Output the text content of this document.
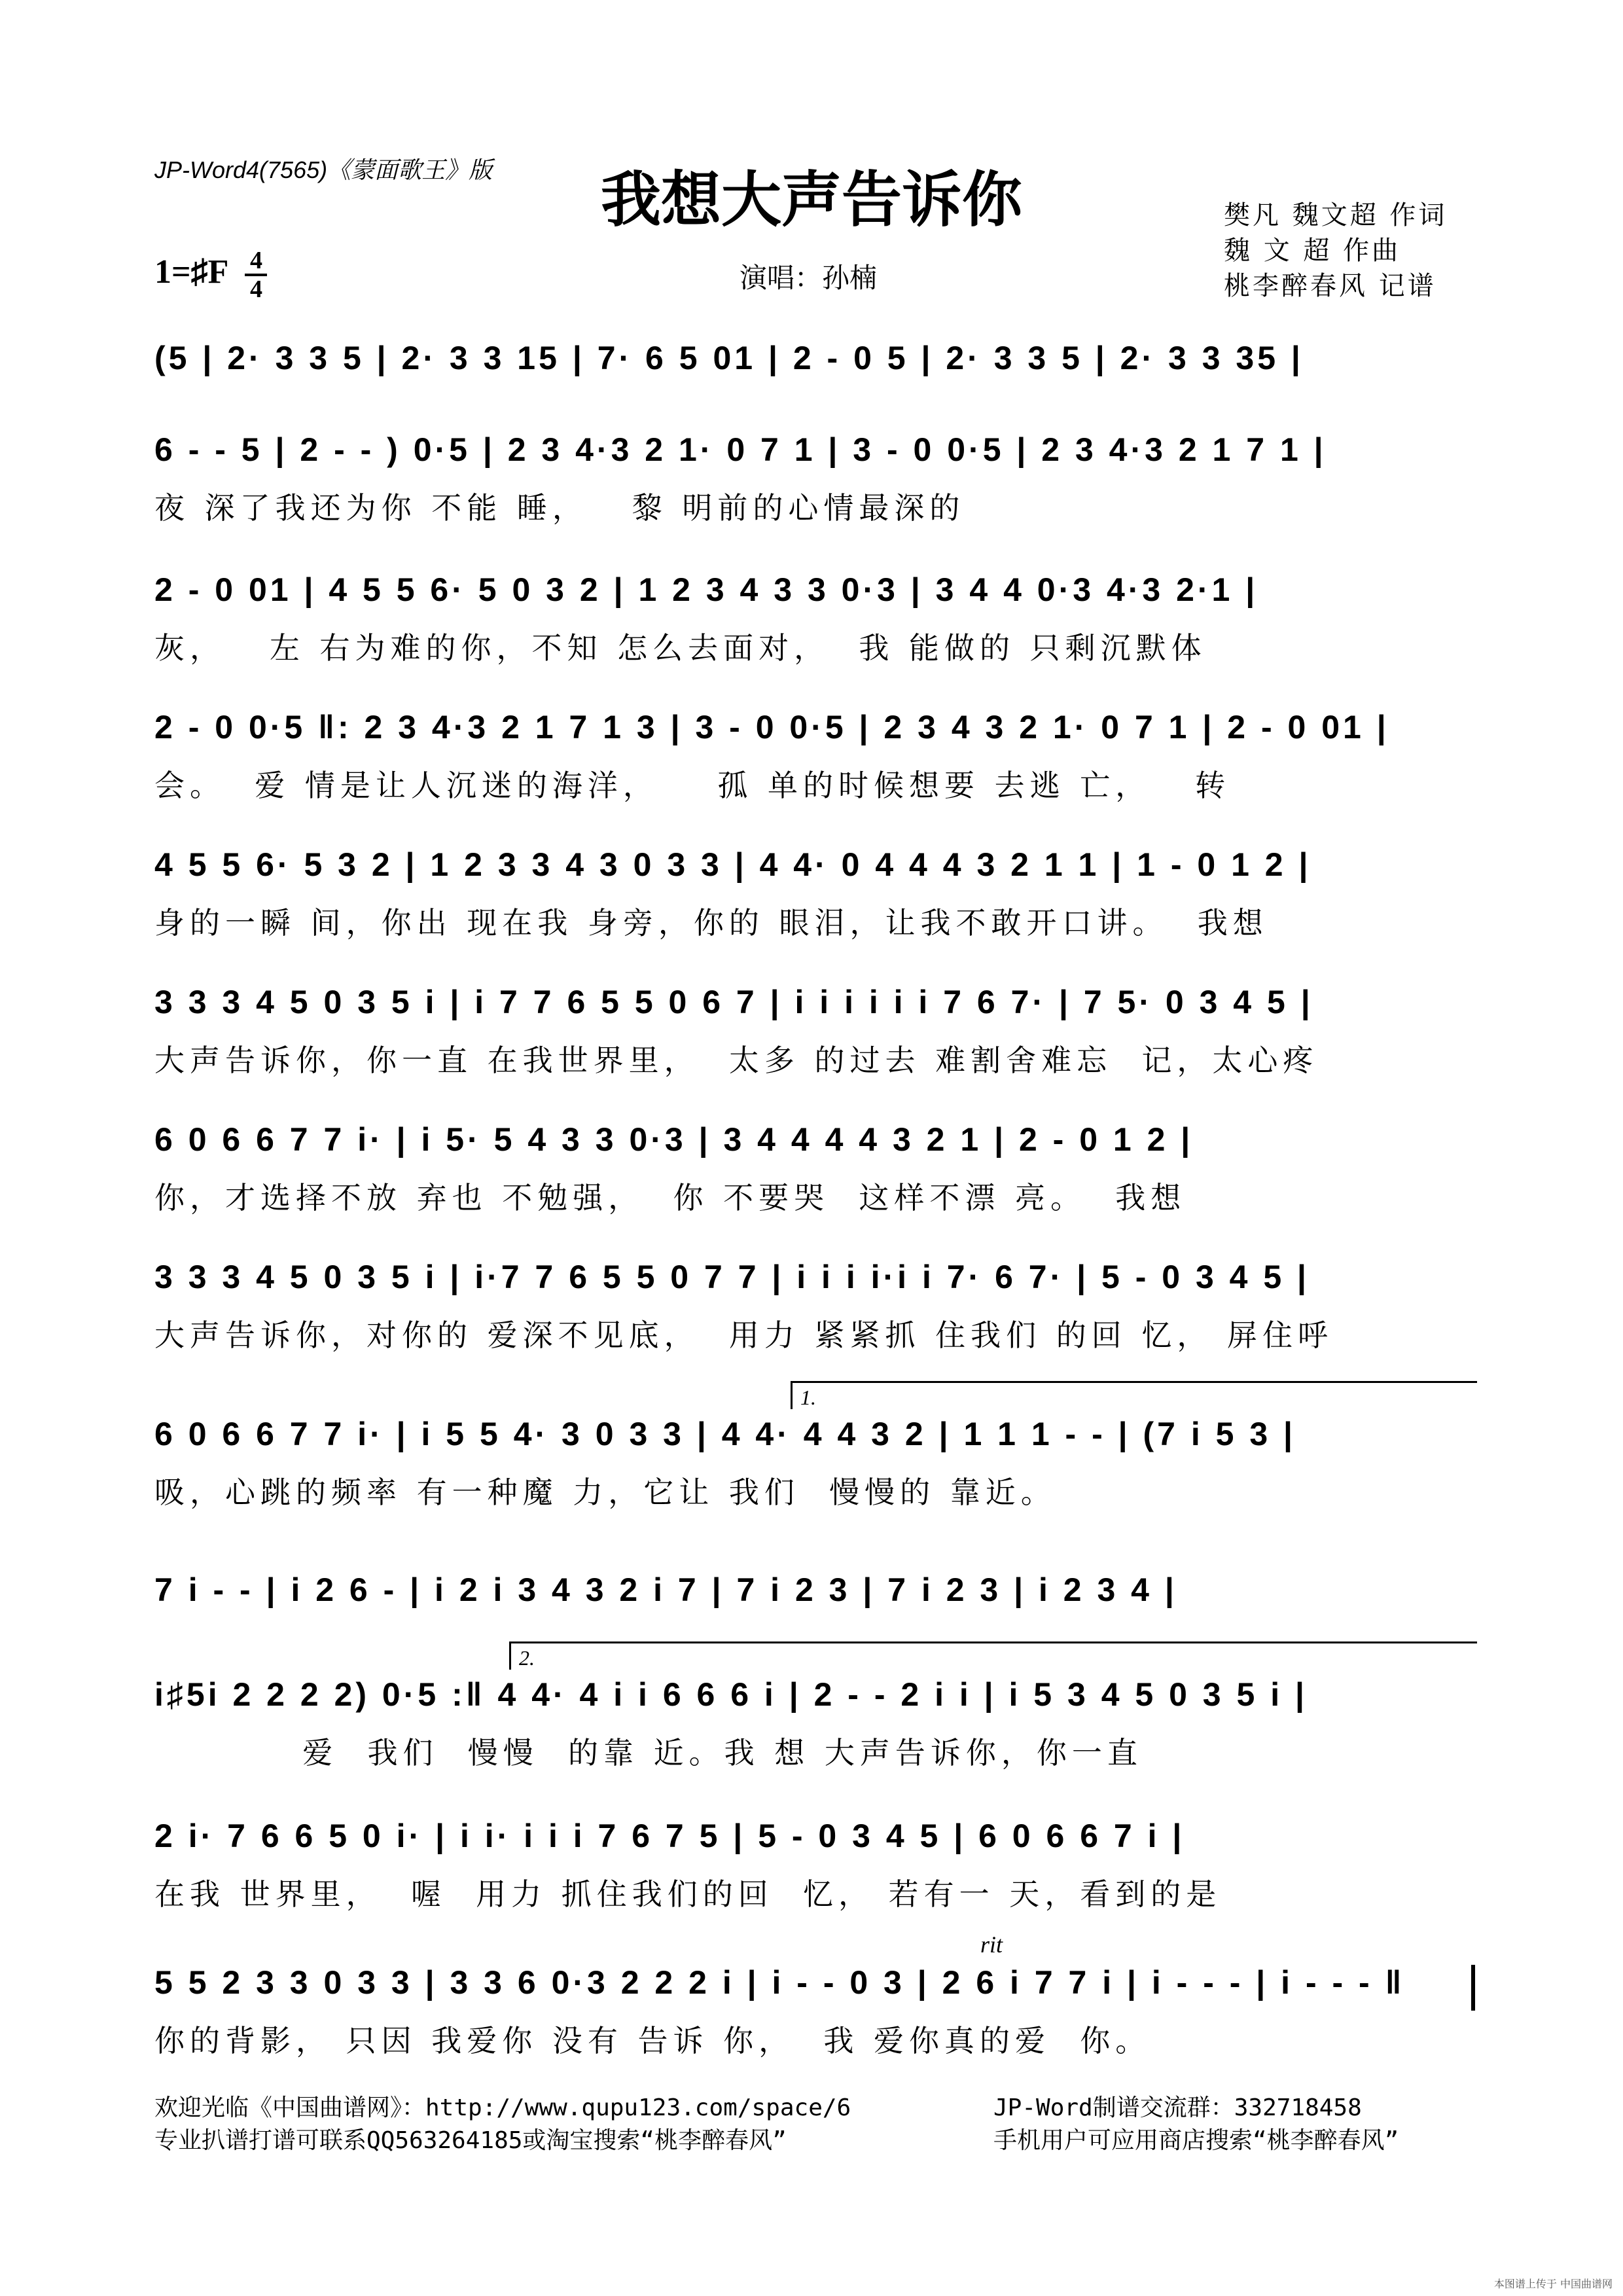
JP-Word4(7565)《蒙面歌王》版	我想大声告诉你
1=♯F $\frac{4}{4}$	演唱：孙楠
樊凡 魏文超 作词
魏 文 超 作曲
桃李醉春风 记谱
(5 | 2· 3 3 5 | 2· 3 3 15 | 7· 6 5 01 | 2 - 0 5 | 2· 3 3 5 | 2· 3 3 35 |
6 - - 5 | 2 - - ) 0·5 | 2 3 4·3 2 1· 0 7 1 | 3 - 0 0·5 | 2 3 4·3 2 1 7 1 |
夜 深了我还为你 不能 睡，   黎 明前的心情最深的
2 - 0 01 | 4 5 5 6· 5 0 3 2 | 1 2 3 4 3 3 0·3 | 3 4 4 0·3 4·3 2·1 |
灰，   左 右为难的你，不知 怎么去面对，  我 能做的 只剩沉默体
2 - 0 0·5 ‖: 2 3 4·3 2 1 7 1 3 | 3 - 0 0·5 | 2 3 4 3 2 1· 0 7 1 | 2 - 0 01 |
会。  爱 情是让人沉迷的海洋，    孤 单的时候想要 去逃 亡，   转
4 5 5 6· 5 3 2 | 1 2 3 3 4 3 0 3 3 | 4 4· 0 4 4 4 3 2 1 1 | 1 - 0 1 2 |
身的一瞬 间，你出 现在我 身旁，你的 眼泪，让我不敢开口讲。  我想
3 3 3 4 5 0 3 5 i | i 7 7 6 5 5 0 6 7 | i i i i i i 7 6 7· | 7 5· 0 3 4 5 |
大声告诉你，你一直 在我世界里，  太多 的过去 难割舍难忘  记，太心疼
6 0 6 6 7 7 i· | i 5· 5 4 3 3 0·3 | 3 4 4 4 4 3 2 1 | 2 - 0 1 2 |
你，才选择不放 弃也 不勉强，  你 不要哭  这样不漂 亮。  我想
3 3 3 4 5 0 3 5 i | i·7 7 6 5 5 0 7 7 | i i i i·i i 7· 6 7· | 5 - 0 3 4 5 |
大声告诉你，对你的 爱深不见底，  用力 紧紧抓 住我们 的回 忆， 屏住呼
1.
6 0 6 6 7 7 i· | i 5 5 4· 3 0 3 3 | 4 4· 4 4 3 2 | 1 1 1 - - | (7 i 5 3 |
吸，心跳的频率 有一种魔 力，它让 我们  慢慢的 靠近。
7 i - - | i 2 6 - | i 2 i 3 4 3 2 i 7 | 7 i 2 3 | 7 i 2 3 | i 2 3 4 |
2.
i♯5i 2 2 2 2) 0·5 :‖ 4 4· 4 i i 6 6 6 i | 2 - - 2 i i | i 5 3 4 5 0 3 5 i |
爱  我们  慢慢  的靠 近。我 想 大声告诉你，你一直
2 i· 7 6 6 5 0 i· | i i· i i i 7 6 7 5 | 5 - 0 3 4 5 | 6 0 6 6 7 i |
在我 世界里，  喔  用力 抓住我们的回  忆， 若有一 天，看到的是
rit
5 5 2 3 3 0 3 3 | 3 3 6 0·3 2 2 2 i | i - - 0 3 | 2 6 i 7 7 i | i - - - | i - - - ‖
你的背影， 只因 我爱你 没有 告诉 你，  我 爱你真的爱  你。
欢迎光临《中国曲谱网》：http://www.qupu123.com/space/6
专业扒谱打谱可联系QQ563264185或淘宝搜索“桃李醉春风”
JP-Word制谱交流群：332718458
手机用户可应用商店搜索“桃李醉春风”
本图谱上传于 中国曲谱网
